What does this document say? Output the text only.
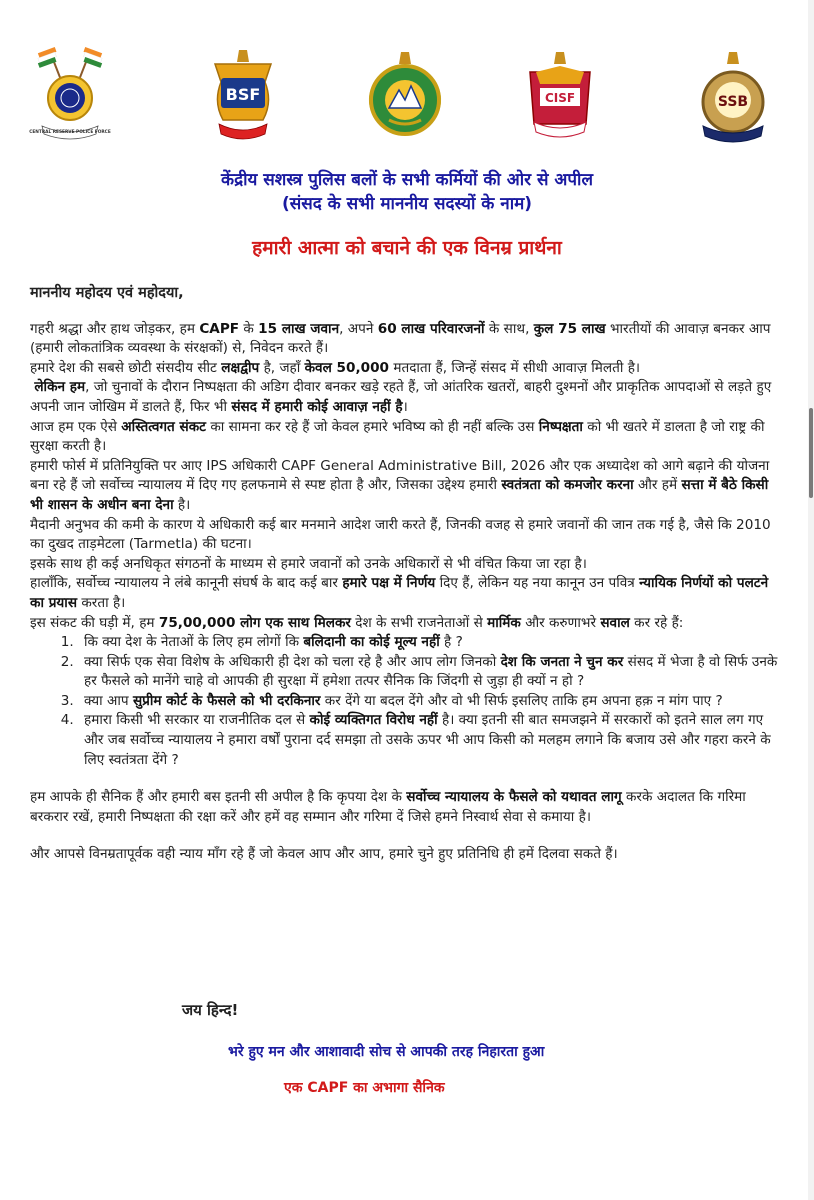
CENTRAL RESERVE POLICE FORCE
BSF	CISF	SSB
केंद्रीय सशस्त्र पुलिस बलों के सभी कर्मियों की ओर से अपील
(संसद के सभी माननीय सदस्यों के नाम)
हमारी आत्मा को बचाने की एक विनम्र प्रार्थना

माननीय महोदय एवं महोदया,

गहरी श्रद्धा और हाथ जोड़कर, हम CAPF के 15 लाख जवान, अपने 60 लाख परिवारजनों के साथ, कुल 75 लाख भारतीयों की आवाज़ बनकर आप (हमारी लोकतांत्रिक व्यवस्था के संरक्षकों) से, निवेदन करते हैं।

हमारे देश की सबसे छोटी संसदीय सीट लक्षद्वीप है, जहाँ केवल 50,000 मतदाता हैं, जिन्हें संसद में सीधी आवाज़ मिलती है।

लेकिन हम, जो चुनावों के दौरान निष्पक्षता की अडिग दीवार बनकर खड़े रहते हैं, जो आंतरिक खतरों, बाहरी दुश्मनों और प्राकृतिक आपदाओं से लड़ते हुए अपनी जान जोखिम में डालते हैं, फिर भी संसद में हमारी कोई आवाज़ नहीं है।

आज हम एक ऐसे अस्तित्वगत संकट का सामना कर रहे हैं जो केवल हमारे भविष्य को ही नहीं बल्कि उस निष्पक्षता को भी खतरे में डालता है जो राष्ट्र की सुरक्षा करती है।

हमारी फोर्स में प्रतिनियुक्ति पर आए IPS अधिकारी CAPF General Administrative Bill, 2026 और एक अध्यादेश को आगे बढ़ाने की योजना बना रहे हैं जो सर्वोच्च न्यायालय में दिए गए हलफनामे से स्पष्ट होता है और, जिसका उद्देश्य हमारी स्वतंत्रता को कमजोर करना और हमें सत्ता में बैठे किसी भी शासन के अधीन बना देना है।

मैदानी अनुभव की कमी के कारण ये अधिकारी कई बार मनमाने आदेश जारी करते हैं, जिनकी वजह से हमारे जवानों की जान तक गई है, जैसे कि 2010 का दुखद ताड़मेटला (Tarmetla) की घटना।

इसके साथ ही कई अनधिकृत संगठनों के माध्यम से हमारे जवानों को उनके अधिकारों से भी वंचित किया जा रहा है।

हालाँकि, सर्वोच्च न्यायालय ने लंबे कानूनी संघर्ष के बाद कई बार हमारे पक्ष में निर्णय दिए हैं, लेकिन यह नया कानून उन पवित्र न्यायिक निर्णयों को पलटने का प्रयास करता है।

इस संकट की घड़ी में, हम 75,00,000 लोग एक साथ मिलकर देश के सभी राजनेताओं से मार्मिक और करुणाभरे सवाल कर रहे हैं:

1. कि क्या देश के नेताओं के लिए हम लोगों कि बलिदानी का कोई मूल्य नहीं है ?
2. क्या सिर्फ एक सेवा विशेष के अधिकारी ही देश को चला रहे है और आप लोग जिनको देश कि जनता ने चुन कर संसद में भेजा है वो सिर्फ उनके हर फैसले को मानेंगे चाहे वो आपकी ही सुरक्षा में हमेशा तत्पर सैनिक कि जिंदगी से जुड़ा ही क्यों न हो ?
3. क्या आप सुप्रीम कोर्ट के फैसले को भी दरकिनार कर देंगे या बदल देंगे और वो भी सिर्फ इसलिए ताकि हम अपना हक़ न मांग पाए ?
4. हमारा किसी भी सरकार या राजनीतिक दल से कोई व्यक्तिगत विरोध नहीं है। क्या इतनी सी बात समजझने में सरकारों को इतने साल लग गए और जब सर्वोच्च न्यायालय ने हमारा वर्षों पुराना दर्द समझा तो उसके ऊपर भी आप किसी को मलहम लगाने कि बजाय उसे और गहरा करने के लिए स्वतंत्रता देंगे ?

हम आपके ही सैनिक हैं और हमारी बस इतनी सी अपील है कि कृपया देश के सर्वोच्च न्यायालय के फैसले को यथावत लागू करके अदालत कि गरिमा बरकरार रखें, हमारी निष्पक्षता की रक्षा करें और हमें वह सम्मान और गरिमा दें जिसे हमने निस्वार्थ सेवा से कमाया है।

और आपसे विनम्रतापूर्वक वही न्याय माँग रहे हैं जो केवल आप और आप, हमारे चुने हुए प्रतिनिधि ही हमें दिलवा सकते हैं।

जय हिन्द!
भरे हुए मन और आशावादी सोच से आपकी तरह निहारता हुआ
एक CAPF का अभागा सैनिक
